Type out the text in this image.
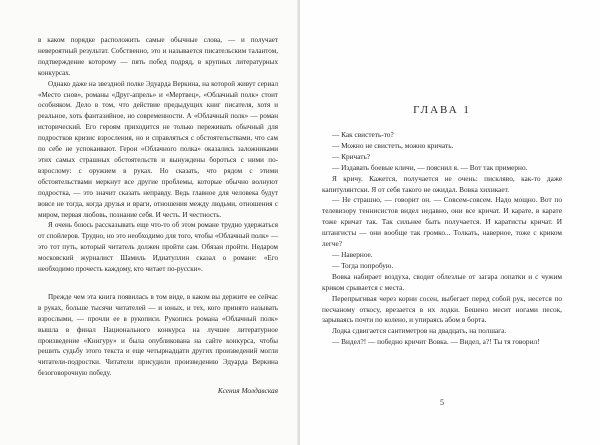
в каком порядке расположить самые обычные слова, — и получает невероятный результат. Собственно, это и называется писательским талантом, подтверждение которому — пять побед подряд, в крупных литературных конкурсах.

Однако даже на звездной полке Эдуарда Веркина, на которой живут сериал «Место снов», романы «Друг-апрель» и «Мертвец», «Облачный полк» стоит особняком. Дело в том, что действие предыдущих книг писателя, хотя и реальное, хоть фантазийное, но современности. А «Облачный полк» — роман исторический. Его героям приходится не только переживать обычный для подростков кризис взросления, но и справляться с обстоятельствами, что сам по себе не успокаивают. Герои «Облачного полка» оказались заложниками этих самых страшных обстоятельств и вынуждены бороться с ними по-взрослому: с оружием в руках. Но сказать, что рядом с этими обстоятельствами меркнут все другие проблемы, которые обычно волнуют подростка, — это значит сказать неправду. Ведь главное для человека будут вовсе не тогда, когда друзья и враги, отношения между людьми, отношения с миром, первая любовь, познание себя. И честь. И честность.

Я очень боюсь рассказывать еще что-то об этом романе трудно удержаться от спойлеров. Трудно, но это необходимо для того, чтобы «Облачный полк» — это тот путь, который читатель должен пройти сам. Обязан пройти. Недаром московский журналист Шамиль Идиатуллин сказал о романе: «Его необходимо прочесть каждому, кто читает по-русски».

Прежде чем эта книга появилась в том виде, в каком вы держите ее сейчас в руках, больше тысячи читателей — и юных, и тех, кого принято называть взрослыми, — прочли ее в рукописи. Рукопись романа «Облачный полк» вышла в финал Национального конкурса на лучшее литературное произведение «Книгуру» и была опубликована на сайте конкурса, чтобы решить судьбу этого текста и еще четырнадцати других произведений могли читатели-подростки. Читатели присудили произведению Эдуарда Веркина безоговорочную победу.

Ксения Молдавская

ГЛАВА 1

— Как свистеть-то?

— Можно не свистеть, можно кричать.

— Кричать?

— Издавать боевые кличи, — пояснил я. — Вот так примерно.

Я кричу. Кажется, получается не очень: писклявo, как-то даже капитулянтски. Я от себя такого не ожидал. Вовка хихикает.

— Не страшно, — говорит он. — Совсем-совсем. Надо мощно. Вот по телевизору теннисистов видел недавно, они все кричат. И карате, в карате тоже кричат так. Так сильнее быть получается. И каратисты кричат. И штангисты — они вообще так громко... Толкать, наверное, тоже с криком легче?

— Наверное.

— Тогда попробую.

Вовка набирает воздуха, сводит облезлые от загара лопатки и с чужим криком срывается с места.

Перепрыгивая через корни сосен, выбегает перед собой рук, несется по песчаному откосу, врезается в их лодки. Бешено месит ногами песок, зарываясь почти по колено, и упираясь абом в борта.

Лодка сдвигается сантиметров на двадцать, на полшага.

— Видел?! — победно кричит Вовка. — Видел, а?! Ты тя говорил!

5
